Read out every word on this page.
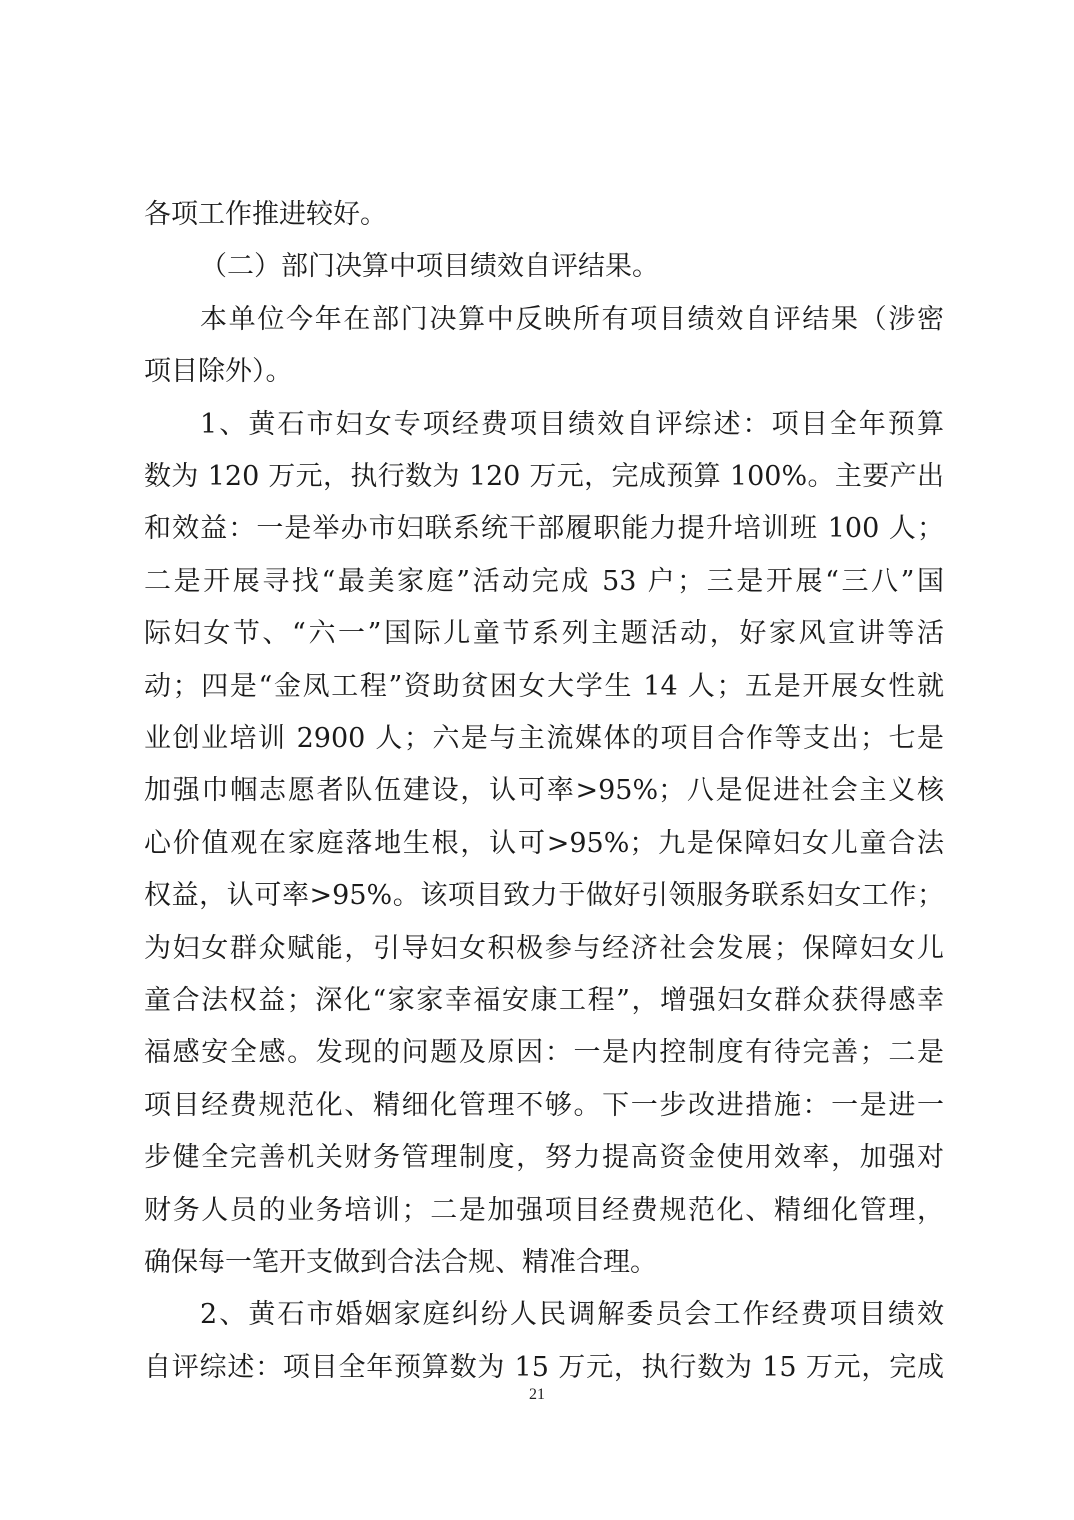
各项工作推进较好。
（二）部门决算中项目绩效自评结果。
本单位今年在部门决算中反映所有项目绩效自评结果（涉密
项目除外）。
1、黄石市妇女专项经费项目绩效自评综述：项目全年预算
数为 120 万元，执行数为 120 万元，完成预算 100%。主要产出
和效益：一是举办市妇联系统干部履职能力提升培训班 100 人；
二是开展寻找“最美家庭”活动完成 53 户；三是开展“三八”国
际妇女节、“六一”国际儿童节系列主题活动，好家风宣讲等活
动；四是“金凤工程”资助贫困女大学生 14 人；五是开展女性就
业创业培训 2900 人；六是与主流媒体的项目合作等支出；七是
加强巾帼志愿者队伍建设，认可率>95%；八是促进社会主义核
心价值观在家庭落地生根，认可>95%；九是保障妇女儿童合法
权益，认可率>95%。该项目致力于做好引领服务联系妇女工作；
为妇女群众赋能，引导妇女积极参与经济社会发展；保障妇女儿
童合法权益；深化“家家幸福安康工程”，增强妇女群众获得感幸
福感安全感。发现的问题及原因：一是内控制度有待完善；二是
项目经费规范化、精细化管理不够。下一步改进措施：一是进一
步健全完善机关财务管理制度，努力提高资金使用效率，加强对
财务人员的业务培训；二是加强项目经费规范化、精细化管理，
确保每一笔开支做到合法合规、精准合理。
2、黄石市婚姻家庭纠纷人民调解委员会工作经费项目绩效
自评综述：项目全年预算数为 15 万元，执行数为 15 万元，完成
21
